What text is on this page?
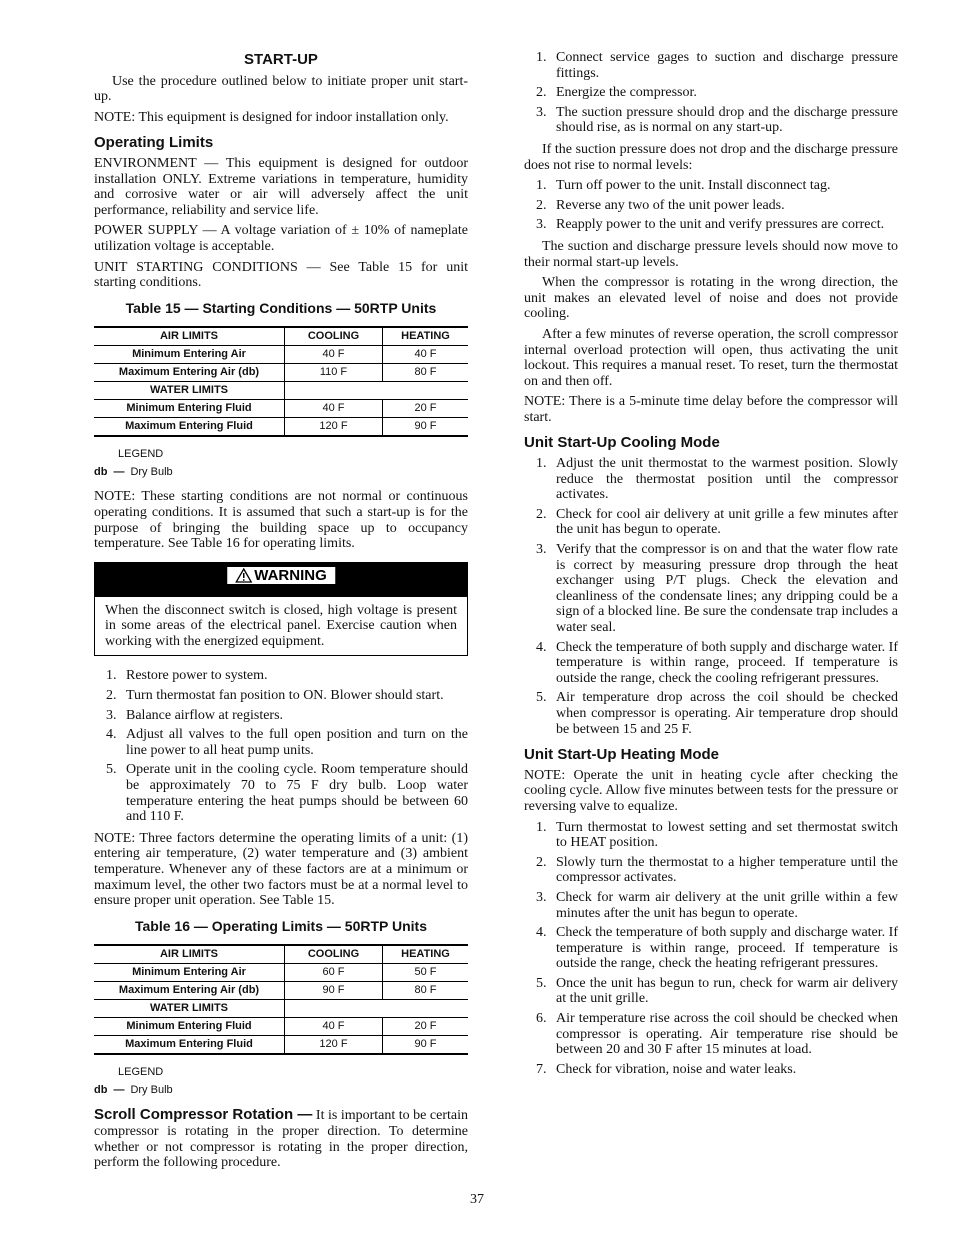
START-UP

Use the procedure outlined below to initiate proper unit start-up.

NOTE: This equipment is designed for indoor installation only.

Operating Limits

ENVIRONMENT — This equipment is designed for outdoor installation ONLY. Extreme variations in temperature, humidity and corrosive water or air will adversely affect the unit performance, reliability and service life.

POWER SUPPLY — A voltage variation of ± 10% of nameplate utilization voltage is acceptable.

UNIT STARTING CONDITIONS — See Table 15 for unit starting conditions.

Table 15 — Starting Conditions — 50RTP Units
AIR LIMITS	COOLING	HEATING
Minimum Entering Air	40 F	40 F
Maximum Entering Air (db)	110 F	80 F
WATER LIMITS		
Minimum Entering Fluid	40 F	20 F
Maximum Entering Fluid	120 F	90 F
LEGEND
db — Dry Bulb

NOTE: These starting conditions are not normal or continuous operating conditions. It is assumed that such a start-up is for the purpose of bringing the building space up to occupancy temperature. See Table 16 for operating limits.

WARNING
When the disconnect switch is closed, high voltage is present in some areas of the electrical panel. Exercise caution when working with the energized equipment.
1. Restore power to system.
2. Turn thermostat fan position to ON. Blower should start.
3. Balance airflow at registers.
4. Adjust all valves to the full open position and turn on the line power to all heat pump units.
5. Operate unit in the cooling cycle. Room temperature should be approximately 70 to 75 F dry bulb. Loop water temperature entering the heat pumps should be between 60 and 110 F.

NOTE: Three factors determine the operating limits of a unit: (1) entering air temperature, (2) water temperature and (3) ambient temperature. Whenever any of these factors are at a minimum or maximum level, the other two factors must be at a normal level to ensure proper unit operation. See Table 15.

Table 16 — Operating Limits — 50RTP Units
AIR LIMITS	COOLING	HEATING
Minimum Entering Air	60 F	50 F
Maximum Entering Air (db)	90 F	80 F
WATER LIMITS		
Minimum Entering Fluid	40 F	20 F
Maximum Entering Fluid	120 F	90 F
LEGEND
db — Dry Bulb

Scroll Compressor Rotation — It is important to be certain compressor is rotating in the proper direction. To determine whether or not compressor is rotating in the proper direction, perform the following procedure.

1. Connect service gages to suction and discharge pressure fittings.
2. Energize the compressor.
3. The suction pressure should drop and the discharge pressure should rise, as is normal on any start-up.

If the suction pressure does not drop and the discharge pressure does not rise to normal levels:

1. Turn off power to the unit. Install disconnect tag.
2. Reverse any two of the unit power leads.
3. Reapply power to the unit and verify pressures are correct.

The suction and discharge pressure levels should now move to their normal start-up levels.

When the compressor is rotating in the wrong direction, the unit makes an elevated level of noise and does not provide cooling.

After a few minutes of reverse operation, the scroll compressor internal overload protection will open, thus activating the unit lockout. This requires a manual reset. To reset, turn the thermostat on and then off.

NOTE: There is a 5-minute time delay before the compressor will start.

Unit Start-Up Cooling Mode
1. Adjust the unit thermostat to the warmest position. Slowly reduce the thermostat position until the compressor activates.
2. Check for cool air delivery at unit grille a few minutes after the unit has begun to operate.
3. Verify that the compressor is on and that the water flow rate is correct by measuring pressure drop through the heat exchanger using P/T plugs. Check the elevation and cleanliness of the condensate lines; any dripping could be a sign of a blocked line. Be sure the condensate trap includes a water seal.
4. Check the temperature of both supply and discharge water. If temperature is within range, proceed. If temperature is outside the range, check the cooling refrigerant pressures.
5. Air temperature drop across the coil should be checked when compressor is operating. Air temperature drop should be between 15 and 25 F.
Unit Start-Up Heating Mode

NOTE: Operate the unit in heating cycle after checking the cooling cycle. Allow five minutes between tests for the pressure or reversing valve to equalize.

1. Turn thermostat to lowest setting and set thermostat switch to HEAT position.
2. Slowly turn the thermostat to a higher temperature until the compressor activates.
3. Check for warm air delivery at the unit grille within a few minutes after the unit has begun to operate.
4. Check the temperature of both supply and discharge water. If temperature is within range, proceed. If temperature is outside the range, check the heating refrigerant pressures.
5. Once the unit has begun to run, check for warm air delivery at the unit grille.
6. Air temperature rise across the coil should be checked when compressor is operating. Air temperature rise should be between 20 and 30 F after 15 minutes at load.
7. Check for vibration, noise and water leaks.
37
